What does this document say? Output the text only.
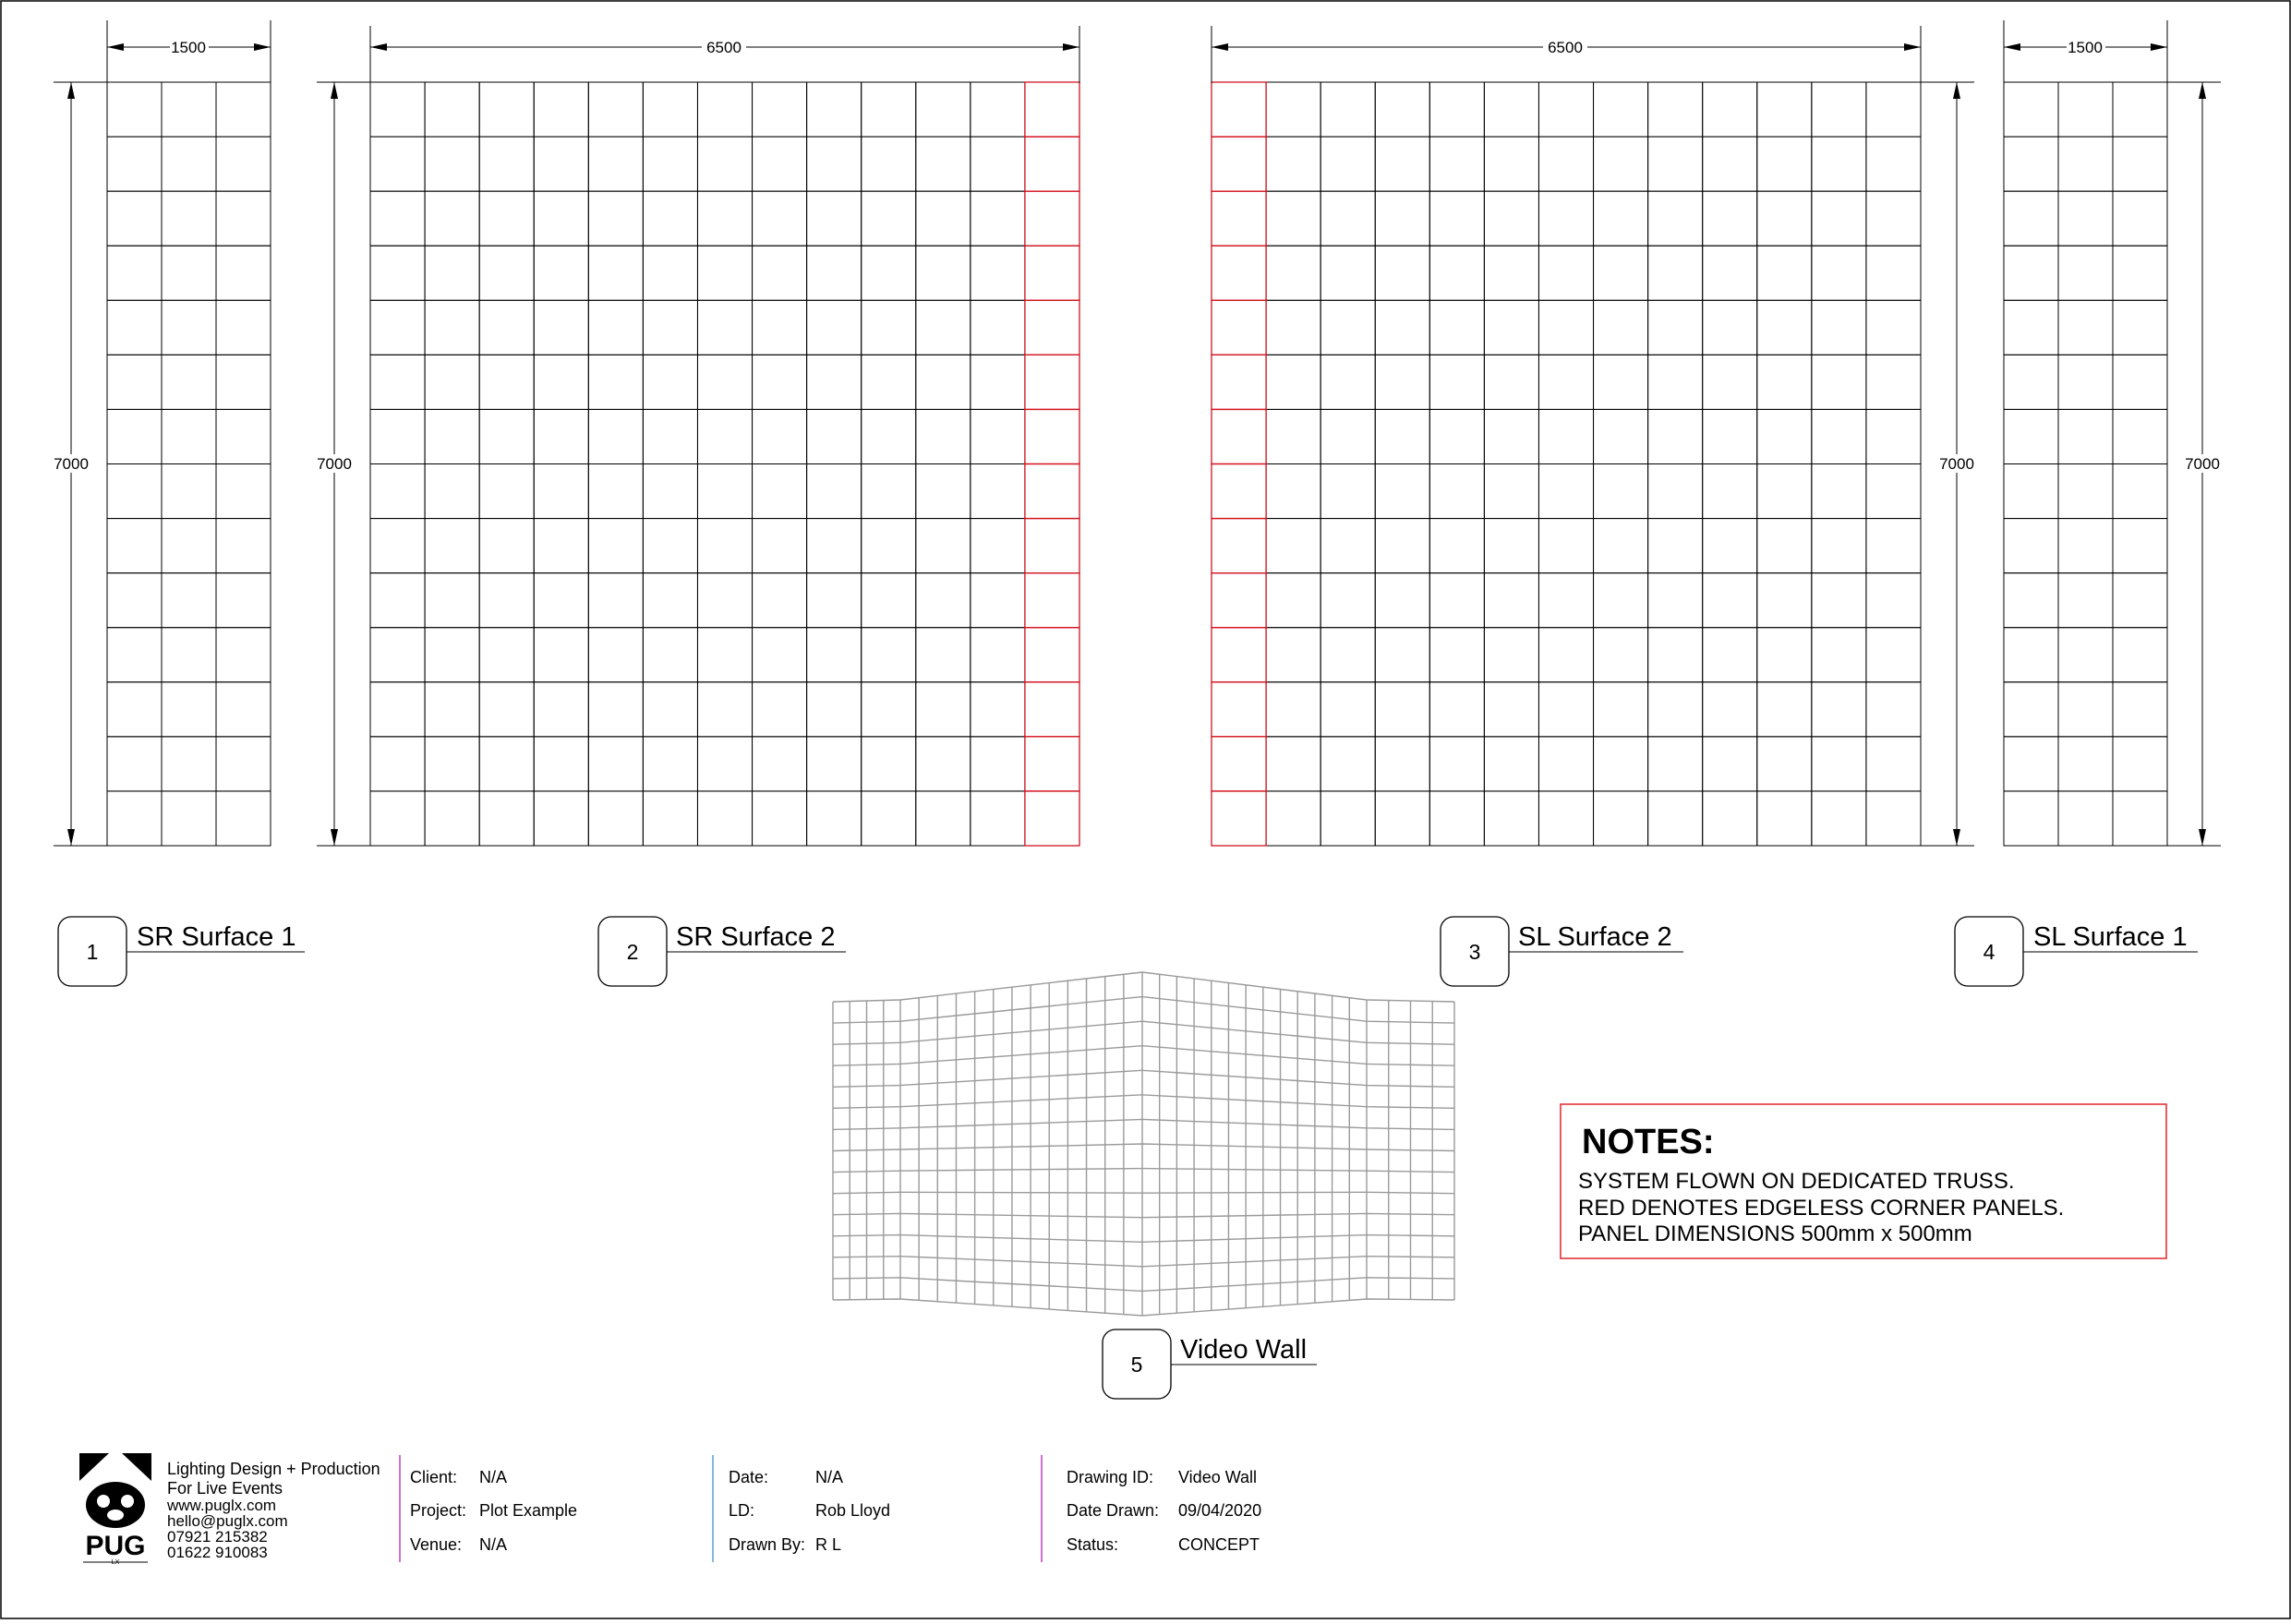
1500
7000
6500
7000
6500
7000
1500
7000
1 SR Surface 1	2 SR Surface 2	3 SL Surface 2	4 SL Surface 1
5 Video Wall
NOTES:
SYSTEM FLOWN ON DEDICATED TRUSS.
RED DENOTES EDGELESS CORNER PANELS.
PANEL DIMENSIONS 500mm x 500mm
PUG
LX
Lighting Design + Production
For Live Events
www.puglx.com
hello@puglx.com
07921 215382
01622 910083
Client: N/A
Project: Plot Example
Venue: N/A
Date:	N/A
LD:	Rob Lloyd
Drawn By: R L
Drawing ID: Video Wall
Date Drawn: 09/04/2020
Status:	CONCEPT
